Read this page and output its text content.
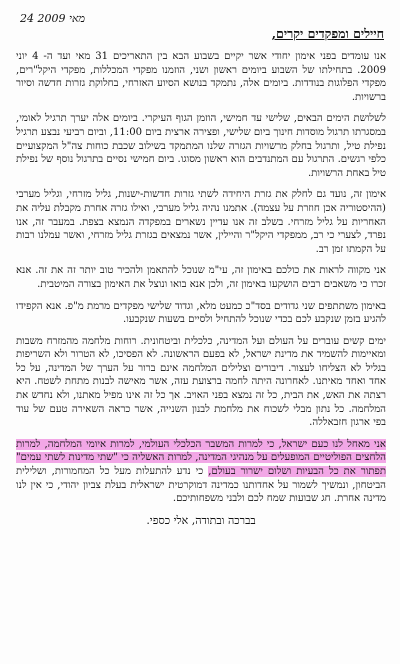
24 מאי 2009
חיילים ומפקדים יקרים,

אנו עומדים בפני אימון יחודי אשר יקיים בשבוע הבא בין התאריכים 31 מאי ועד ה- 4 יוני 2009. בתחילתו של השבוע ביומים ראשון ושני, הוזמנו מפקדי המכללות, מפקדי היקל"רים, מפקדי הפלוגות בנודדות. ביומים אלה, נתמקד בנושא הסיוע האזרחי, בחלוקת גזרות חדשה וסיור ברשויות.

לשלושת הימים הבאים, שלישי עד חמישי, הוזמן הגוף העיקרי. ביומים אלה יערך תרגיל לאומי, במסגרתו תרגול מוסדות חינוך ביום שלישי, ופצירה ארצית ביום 11:00, וביום רביעי נבצע תרגיל נפילת טיל, ותרגול בחלק מרשויות הגזרה שלנו המתמקד בשילוב שכבת כוחות צה"ל המקצועיים כלפי רגשים. התרגול עם המתנדבים הוא ראשון מסוגו. ביום חמישי נסיים בתרגול נוסף של נפילת טיל באחת הרשויות.

אימון זה, נועד גם לחלק את גזרת היחידה לשתי גזרות חדשות-ישנות, גליל מזרחי, וגליל מערבי (ההיסטוריה אכן חוזרת על עצמה). אתמנו נהיה גליל מערבי, ואילו גזרה אחרת מקבלת עליה את האחריות על גליל מזרחי. בשלב זה אנו עדיין נשארים במפקדה הנמצא בצפת. במעבר זה, אנו נפרד, לצערי כי רב, ממפקדי היקל"ר והיילין, אשר נמצאים בגזרת גליל מזרחי, ואשר עמלנו רבות על הקמתו זמן רב.

אני מקווה לראות את כולכם באימון זה, עי"מ שנוכל להתאמן ולהכיר טוב יותר זה את זה. אנא זכרו כי משאבים רבים הושקעו באימון זה, ולכן אנא בואו ונוצל את האימון בצורה המיטבית.

באימון משתתפים שני גדודים בסד"כ כמעט מלא, וגדוד שלישי מפקדים מרמת מ"פ. אנא הקפידו להגיע בזמן שנקבע לכם בכדי שנוכל להתחיל ולסיים בשעות שנקבעו.

ימים קשים עוברים על העולם ועל המדינה, כלכלית וביטחונית. רוחות מלחמה מהמזרח משבות ומאיימות להשמיד את מדינת ישראל, לא בפעם הראשונה. לא הפסיכו, לא הטרור ולא השריפות בגליל לא הצליחו לעצור. דיבורים וצלילים המלחמה אינם ברור על הערך של המדינה, על כל אחד ואחד מאיתנו. לאחרונה היתה לחמה ברצועת עזה, אשר מאישה לבנות מתחת לשטח. היא רצתה את האש, את הבית, כל זה נמצא בפני האויב. אך כל זה אינו מפיל מאתנו, ולא נחדש את המלחמה. כל נתון מבלי לשכוח את מלחמת לבנון השנייה, אשר כראה השאירה טעם של עוד בפי ארגון חזבאללה.

אני מאחל לנו כעם ישראל, כי למרות המשבר הכלכלי העולמי, למרות איומי המלחמה, למרות הלחצים הפוליטיים המופעלים על מנהיגי המדינה, למרות האשליה כי "שתי מדינות לשתי עמים" תפתור את כל הבעיות ושלום ישרור בעולם, כי נדע להתעלות מעל כל המחמורות, ושלילית הביטחון, ונמשיך לשמור על אחדותנו כמדינה דמוקרטית ישראלית בעלת צביון יהודי, כי אין לנו מדינה אחרת. חג שבועות שמח לכם ולבני משפחותיכם.

בברכה ובתודה, אלי כספי.
